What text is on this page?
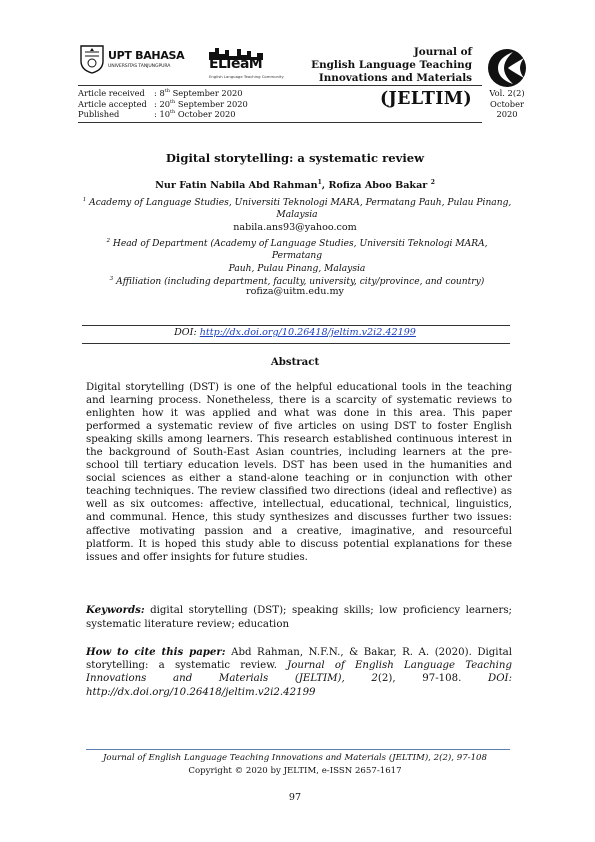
UPT BAHASA
UNIVERSITAS TANJUNGPURA	ELTeaM
English Language Teaching Community
Journal of
English Language Teaching
Innovations and Materials
(JELTIM)	Vol. 2(2)
October
2020
Article received : 8th September 2020
Article accepted : 20th September 2020
Published	: 10th October 2020
Digital storytelling: a systematic review
Nur Fatin Nabila Abd Rahman$^1$, Rofiza Aboo Bakar $^2$
$^1$ Academy of Language Studies, Universiti Teknologi MARA, Permatang Pauh, Pulau Pinang,
Malaysia
nabila.ans93@yahoo.com
$^2$ Head of Department (Academy of Language Studies, Universiti Teknologi MARA, Permatang
Pauh, Pulau Pinang, Malaysia
$^3$ Affiliation (including department, faculty, university, city/province, and country)
rofiza@uitm.edu.my
DOI: http://dx.doi.org/10.26418/jeltim.v2i2.42199
Abstract
Digital storytelling (DST) is one of the helpful educational tools in the teaching and learning process. Nonetheless, there is a scarcity of systematic reviews to enlighten how it was applied and what was done in this area. This paper performed a systematic review of five articles on using DST to foster English speaking skills among learners. This research established continuous interest in the background of South-East Asian countries, including learners at the pre-school till tertiary education levels. DST has been used in the humanities and social sciences as either a stand-alone teaching or in conjunction with other teaching techniques. The review classified two directions (ideal and reflective) as well as six outcomes: affective, intellectual, educational, technical, linguistics, and communal. Hence, this study synthesizes and discusses further two issues: affective motivating passion and a creative, imaginative, and resourceful platform. It is hoped this study able to discuss potential explanations for these issues and offer insights for future studies.
Keywords: digital storytelling (DST); speaking skills; low proficiency learners; systematic literature review; education
How to cite this paper: Abd Rahman, N.F.N., & Bakar, R. A. (2020). Digital storytelling: a systematic review. Journal of English Language Teaching Innovations and Materials (JELTIM), 2(2), 97-108. DOI: http://dx.doi.org/10.26418/jeltim.v2i2.42199
Journal of English Language Teaching Innovations and Materials (JELTIM), 2(2), 97-108
Copyright © 2020 by JELTIM, e-ISSN 2657-1617
97
